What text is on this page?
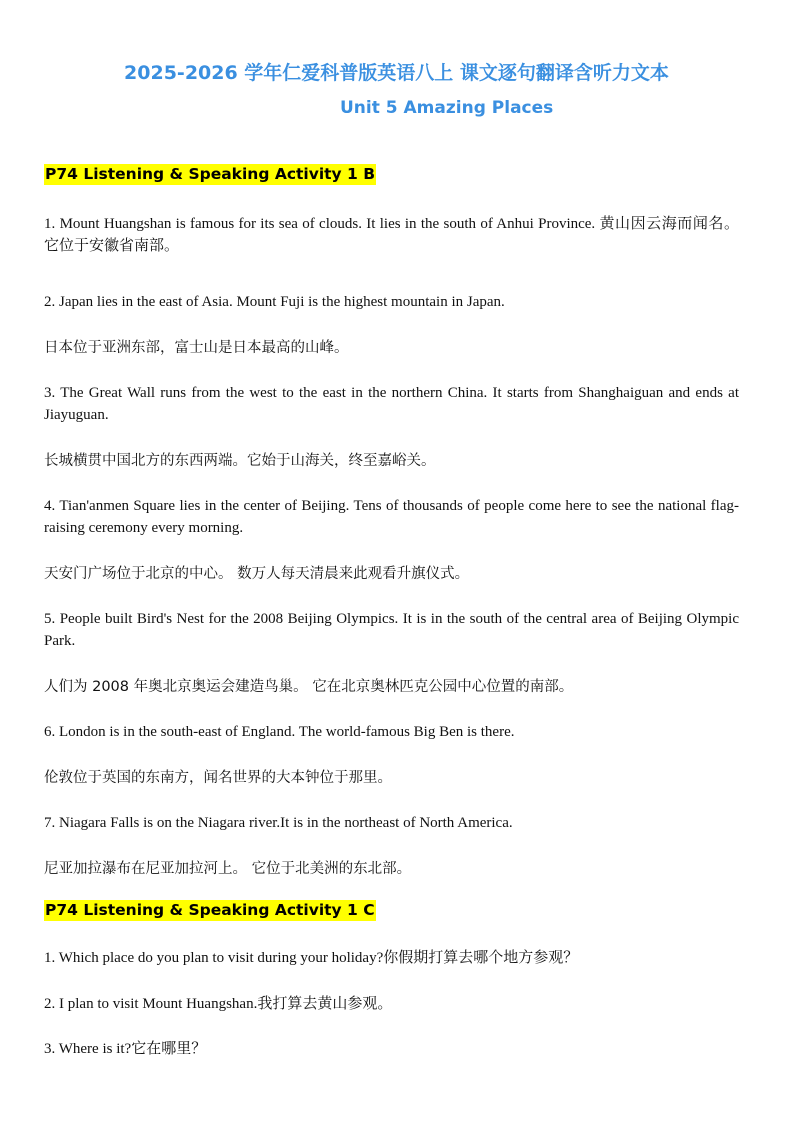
2025-2026 学年仁爱科普版英语八上 课文逐句翻译含听力文本
Unit 5 Amazing Places
P74 Listening & Speaking Activity 1 B

1. Mount Huangshan is famous for its sea of clouds. It lies in the south of Anhui Province. 黄山因云海而闻名。它位于安徽省南部。

2. Japan lies in the east of Asia. Mount Fuji is the highest mountain in Japan.

日本位于亚洲东部，富士山是日本最高的山峰。

3. The Great Wall runs from the west to the east in the northern China. It starts from Shanghaiguan and ends at Jiayuguan.

长城横贯中国北方的东西两端。它始于山海关，终至嘉峪关。

4. Tian'anmen Square lies in the center of Beijing. Tens of thousands of people come here to see the national flag-raising ceremony every morning.

天安门广场位于北京的中心。 数万人每天清晨来此观看升旗仪式。

5. People built Bird's Nest for the 2008 Beijing Olympics. It is in the south of the central area of Beijing Olympic Park.

人们为 2008 年奥北京奥运会建造鸟巢。 它在北京奥林匹克公园中心位置的南部。

6. London is in the south-east of England. The world-famous Big Ben is there.

伦敦位于英国的东南方，闻名世界的大本钟位于那里。

7. Niagara Falls is on the Niagara river.It is in the northeast of North America.

尼亚加拉瀑布在尼亚加拉河上。 它位于北美洲的东北部。

P74 Listening & Speaking Activity 1 C

1. Which place do you plan to visit during your holiday?你假期打算去哪个地方参观？

2. I plan to visit Mount Huangshan.我打算去黄山参观。

3. Where is it?它在哪里？
